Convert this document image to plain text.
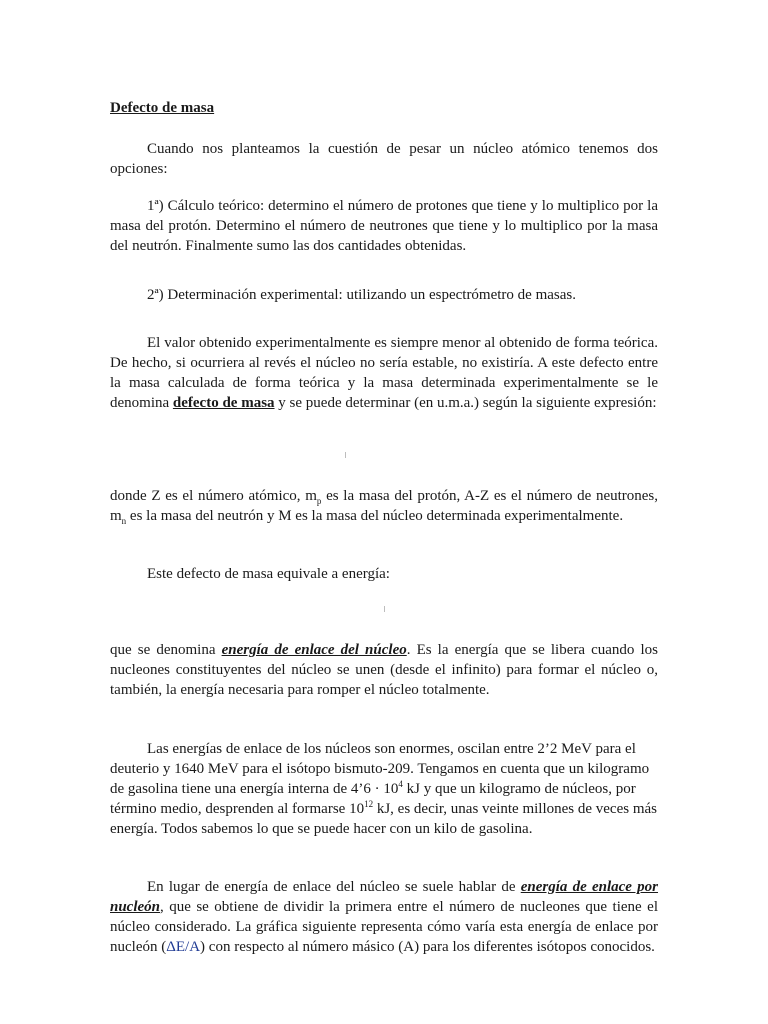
Defecto de masa

Cuando nos planteamos la cuestión de pesar un núcleo atómico tenemos dos opciones:

1ª) Cálculo teórico: determino el número de protones que tiene y lo multiplico por la masa del protón. Determino el número de neutrones que tiene y lo multiplico por la masa del neutrón. Finalmente sumo las dos cantidades obtenidas.

2ª) Determinación experimental: utilizando un espectrómetro de masas.

El valor obtenido experimentalmente es siempre menor al obtenido de forma teórica. De hecho, si ocurriera al revés el núcleo no sería estable, no existiría. A este defecto entre la masa calculada de forma teórica y la masa determinada experimentalmente se le denomina defecto de masa y se puede determinar (en u.m.a.) según la siguiente expresión:

donde Z es el número atómico, $m_p$ es la masa del protón, A-Z es el número de neutrones, $m_n$ es la masa del neutrón y M es la masa del núcleo determinada experimentalmente.

Este defecto de masa equivale a energía:

que se denomina energía de enlace del núcleo. Es la energía que se libera cuando los nucleones constituyentes del núcleo se unen (desde el infinito) para formar el núcleo o, también, la energía necesaria para romper el núcleo totalmente.

Las energías de enlace de los núcleos son enormes, oscilan entre 2’2 MeV para el deuterio y 1640 MeV para el isótopo bismuto-209. Tengamos en cuenta que un kilogramo de gasolina tiene una energía interna de 4’6 · $10^4$ kJ y que un kilogramo de núcleos, por término medio, desprenden al formarse $10^{12}$ kJ, es decir, unas veinte millones de veces más energía. Todos sabemos lo que se puede hacer con un kilo de gasolina.

En lugar de energía de enlace del núcleo se suele hablar de energía de enlace por nucleón, que se obtiene de dividir la primera entre el número de nucleones que tiene el núcleo considerado. La gráfica siguiente representa cómo varía esta energía de enlace por nucleón (ΔE/A) con respecto al número másico (A) para los diferentes isótopos conocidos.
